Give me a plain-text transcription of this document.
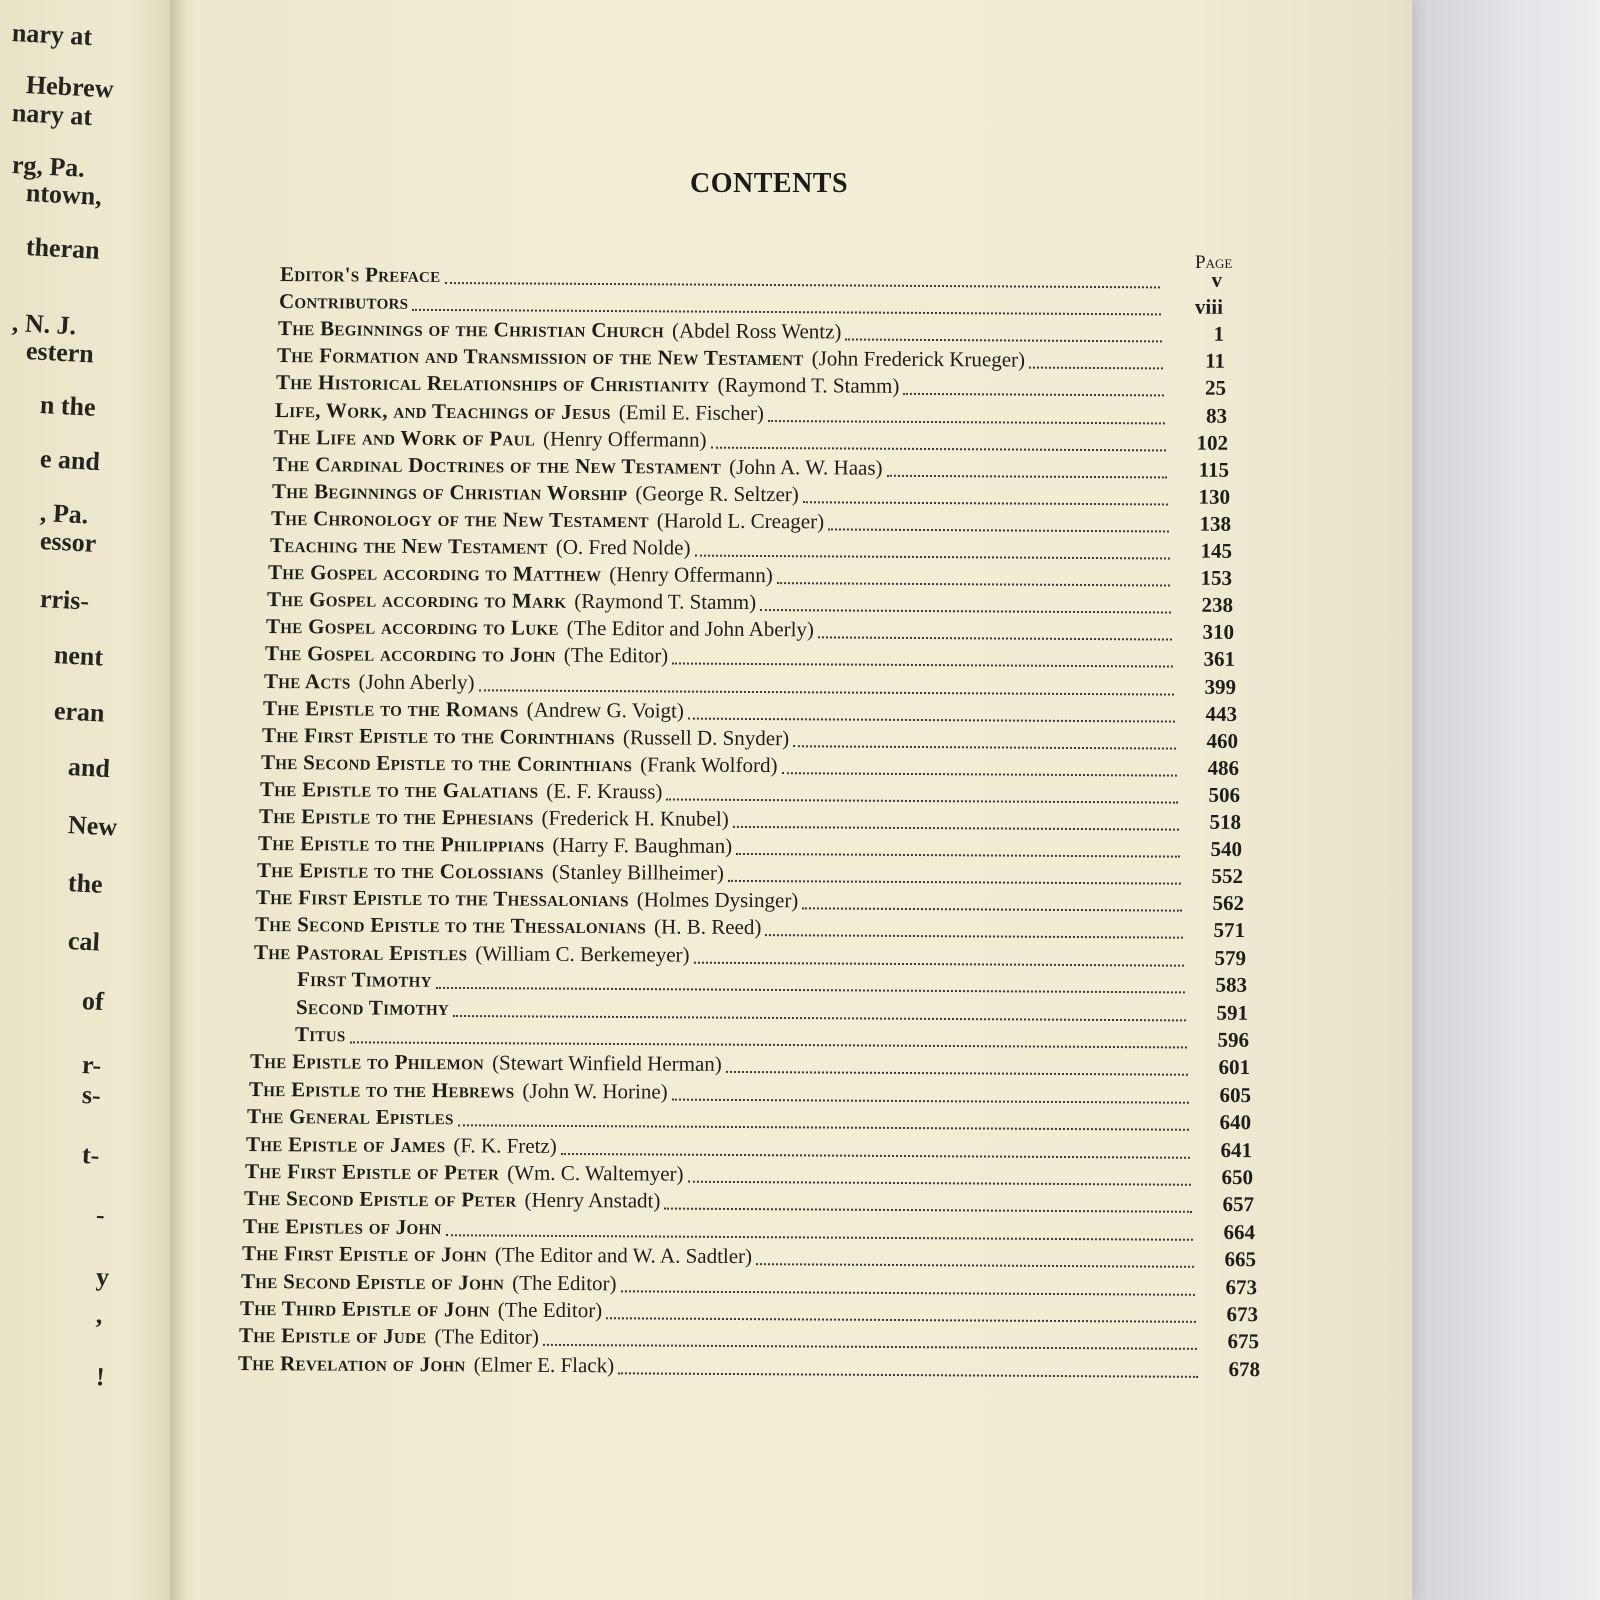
nary at
Hebrew
nary at
rg, Pa.
ntown,
theran
, N. J.
estern
n the
e and
, Pa.
essor
rris-
nent
eran
and
New
the
cal
of
r-
s-
t-
-
y
,
!
CONTENTS
Page
Editor's Preface	v
Contributors	viii
The Beginnings of the Christian Church (Abdel Ross Wentz)	1
The Formation and Transmission of the New Testament (John Frederick Krueger)	11
The Historical Relationships of Christianity (Raymond T. Stamm)	25
Life, Work, and Teachings of Jesus (Emil E. Fischer)	83
The Life and Work of Paul (Henry Offermann)	102
The Cardinal Doctrines of the New Testament (John A. W. Haas)	115
The Beginnings of Christian Worship (George R. Seltzer)	130
The Chronology of the New Testament (Harold L. Creager)	138
Teaching the New Testament (O. Fred Nolde)	145
The Gospel according to Matthew (Henry Offermann)	153
The Gospel according to Mark (Raymond T. Stamm)	238
The Gospel according to Luke (The Editor and John Aberly)	310
The Gospel according to John (The Editor)	361
The Acts (John Aberly)	399
The Epistle to the Romans (Andrew G. Voigt)	443
The First Epistle to the Corinthians (Russell D. Snyder)	460
The Second Epistle to the Corinthians (Frank Wolford)	486
The Epistle to the Galatians (E. F. Krauss)	506
The Epistle to the Ephesians (Frederick H. Knubel)	518
The Epistle to the Philippians (Harry F. Baughman)	540
The Epistle to the Colossians (Stanley Billheimer)	552
The First Epistle to the Thessalonians (Holmes Dysinger)	562
The Second Epistle to the Thessalonians (H. B. Reed)	571
The Pastoral Epistles (William C. Berkemeyer)	579
First Timothy	583
Second Timothy	591
Titus	596
The Epistle to Philemon (Stewart Winfield Herman)	601
The Epistle to the Hebrews (John W. Horine)	605
The General Epistles	640
The Epistle of James (F. K. Fretz)	641
The First Epistle of Peter (Wm. C. Waltemyer)	650
The Second Epistle of Peter (Henry Anstadt)	657
The Epistles of John	664
The First Epistle of John (The Editor and W. A. Sadtler)	665
The Second Epistle of John (The Editor)	673
The Third Epistle of John (The Editor)	673
The Epistle of Jude (The Editor)	675
The Revelation of John (Elmer E. Flack)	678
